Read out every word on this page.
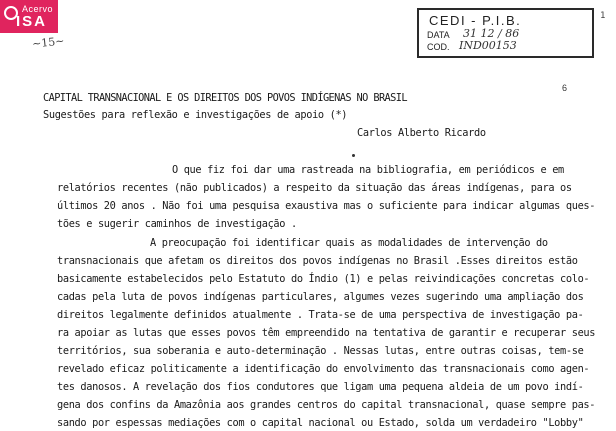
Acervo
ISA
~15~
CEDI - P.I.B.
DATA 31 12 / 86
COD. IND00153
1
6
CAPITAL TRANSNACIONAL E OS DIREITOS DOS POVOS INDÍGENAS NO BRASIL
Sugestões para reflexão e investigações de apoio (*)
Carlos Alberto Ricardo
O que fiz foi dar uma rastreada na bibliografia, em periódicos e em
relatórios recentes (não publicados) a respeito da situação das áreas indígenas, para os
últimos 20 anos . Não foi uma pesquisa exaustiva mas o suficiente para indicar algumas ques-
tões e sugerir caminhos de investigação .
A preocupação foi identificar quais as modalidades de intervenção do
transnacionais que afetam os direitos dos povos indígenas no Brasil .Esses direitos estão
basicamente estabelecidos pelo Estatuto do Índio (1) e pelas reivindicações concretas colo-
cadas pela luta de povos indígenas particulares, algumes vezes sugerindo uma ampliação dos
direitos legalmente definidos atualmente . Trata-se de uma perspectiva de investigação pa-
ra apoiar as lutas que esses povos têm empreendido na tentativa de garantir e recuperar seus
territórios, sua soberania e auto-determinação . Nessas lutas, entre outras coisas, tem-se
revelado eficaz politicamente a identificação do envolvimento das transnacionais como agen-
tes danosos. A revelação dos fios condutores que ligam uma pequena aldeia de um povo indí-
gena dos confins da Amazônia aos grandes centros do capital transnacional, quase sempre pas-
sando por espessas mediações com o capital nacional ou Estado, solda um verdadeiro "Lobby"
